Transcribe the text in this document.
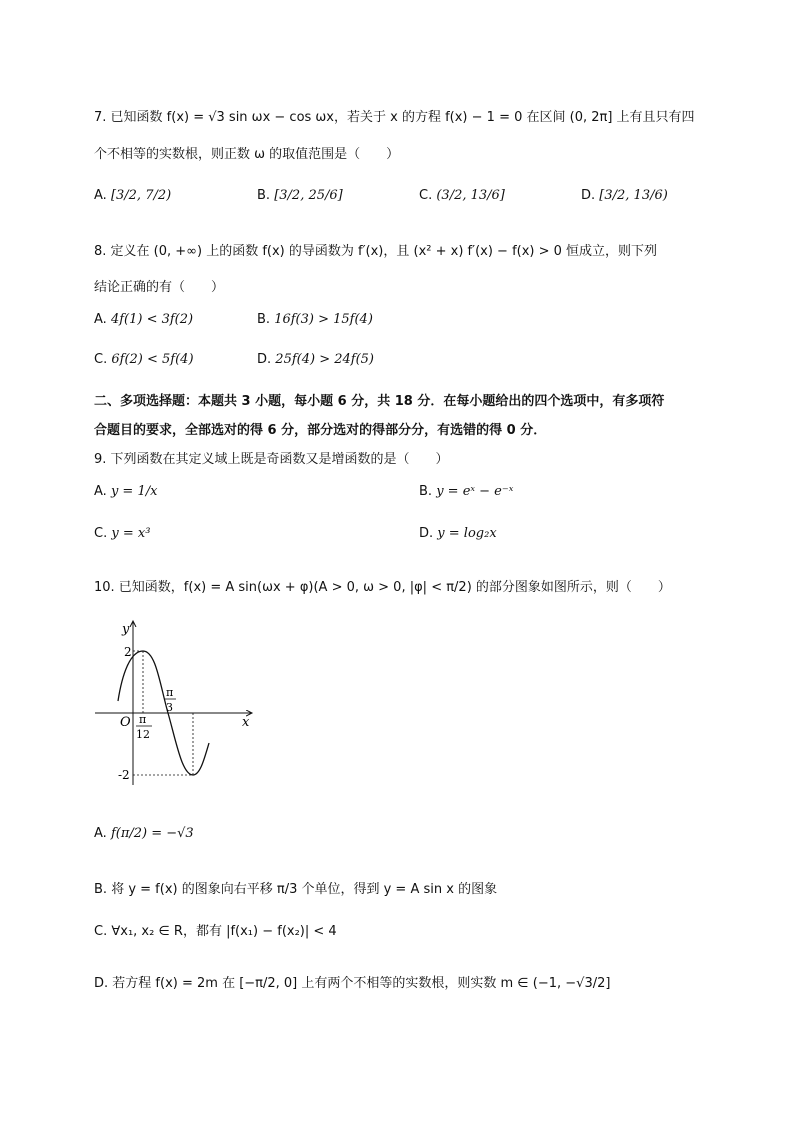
7. 已知函数 f(x) = √3 sin ωx − cos ωx，若关于 x 的方程 f(x) − 1 = 0 在区间 (0, 2π] 上有且只有四
个不相等的实数根，则正数 ω 的取值范围是（　　）
A. [3/2, 7/2)	B. [3/2, 25/6]	C. (3/2, 13/6]	D. [3/2, 13/6)
8. 定义在 (0, +∞) 上的函数 f(x) 的导函数为 f′(x)，且 (x² + x) f′(x) − f(x) > 0 恒成立，则下列
结论正确的有（　　）
A. 4f(1) < 3f(2)	B. 16f(3) > 15f(4)
C. 6f(2) < 5f(4)	D. 25f(4) > 24f(5)
二、多项选择题：本题共 3 小题，每小题 6 分，共 18 分．在每小题给出的四个选项中，有多项符
合题目的要求，全部选对的得 6 分，部分选对的得部分分，有选错的得 0 分．
9. 下列函数在其定义域上既是奇函数又是增函数的是（　　）
A. y = 1/x	B. y = eˣ − e⁻ˣ
C. y = x³	D. y = log₂x
10. 已知函数，f(x) = A sin(ωx + φ)(A > 0, ω > 0, |φ| < π/2) 的部分图象如图所示，则（　　）
y
x
O
2
-2
π
12
π
3
A. f(π/2) = −√3
B. 将 y = f(x) 的图象向右平移 π/3 个单位，得到 y = A sin x 的图象
C. ∀x₁, x₂ ∈ R，都有 |f(x₁) − f(x₂)| < 4
D. 若方程 f(x) = 2m 在 [−π/2, 0] 上有两个不相等的实数根，则实数 m ∈ (−1, −√3/2]
